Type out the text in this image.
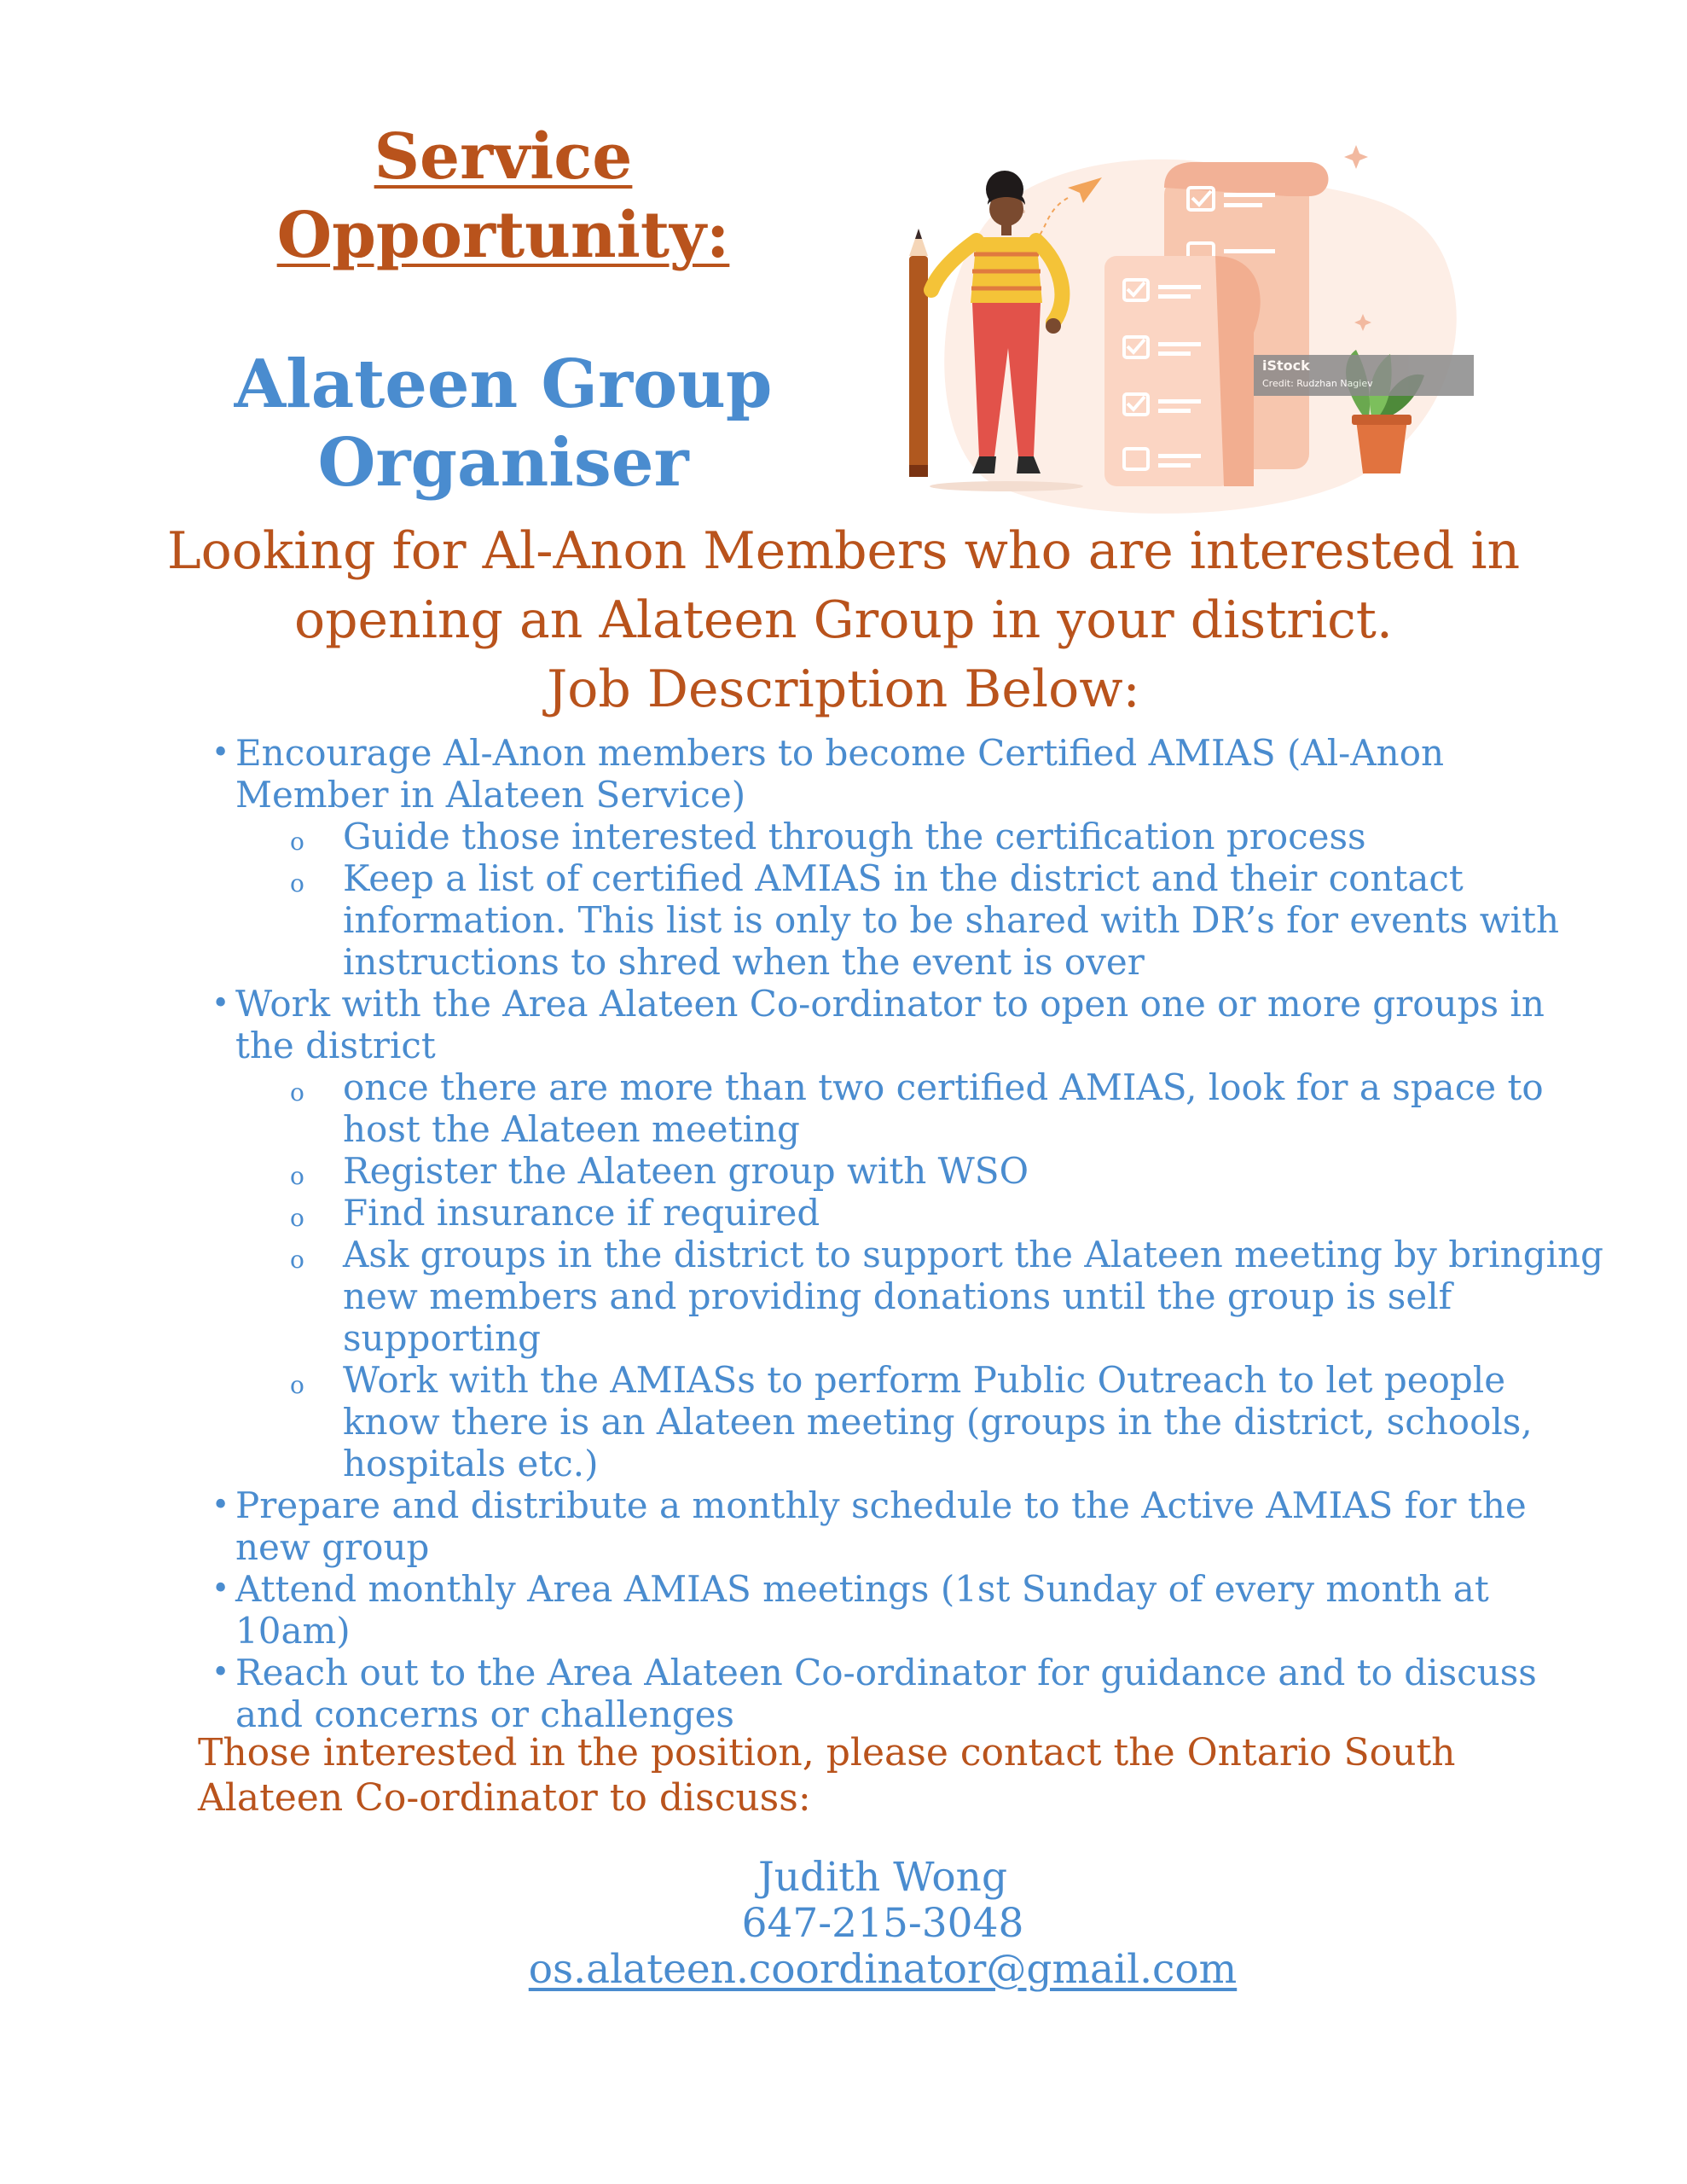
Service Opportunity:
Alateen Group Organiser
iStock
Credit: Rudzhan Nagiev
Looking for Al-Anon Members who are interested in
opening an Alateen Group in your district.
Job Description Below:
• Encourage Al-Anon members to become Certified AMIAS (Al-Anon Member in Alateen Service)
o Guide those interested through the certification process
o Keep a list of certified AMIAS in the district and their contact information. This list is only to be shared with DR’s for events with instructions to shred when the event is over
• Work with the Area Alateen Co-ordinator to open one or more groups in the district
o once there are more than two certified AMIAS, look for a space to host the Alateen meeting
o Register the Alateen group with WSO
o Find insurance if required
o Ask groups in the district to support the Alateen meeting by bringing new members and providing donations until the group is self supporting
o Work with the AMIASs to perform Public Outreach to let people know there is an Alateen meeting (groups in the district, schools, hospitals etc.)
• Prepare and distribute a monthly schedule to the Active AMIAS for the new group
• Attend monthly Area AMIAS meetings (1st Sunday of every month at 10am)
• Reach out to the Area Alateen Co-ordinator for guidance and to discuss and concerns or challenges
Those interested in the position, please contact the Ontario South Alateen Co-ordinator to discuss:
Judith Wong
647-215-3048
os.alateen.coordinator@gmail.com
